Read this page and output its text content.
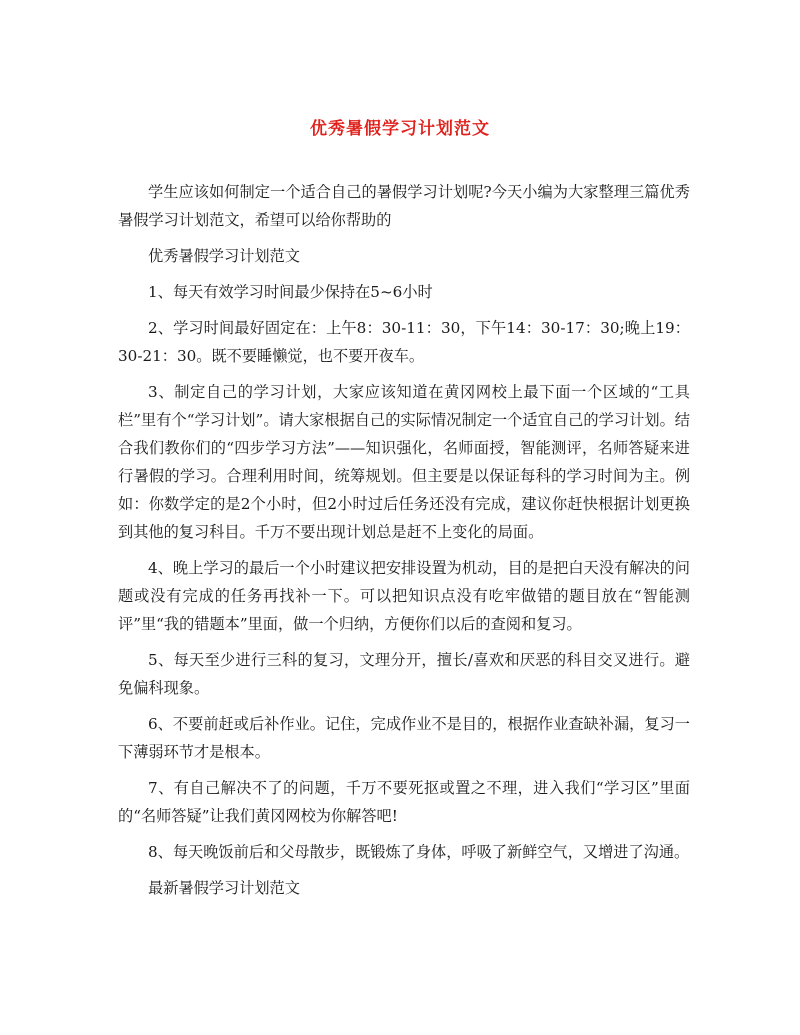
优秀暑假学习计划范文

学生应该如何制定一个适合自己的暑假学习计划呢?今天小编为大家整理三篇优秀暑假学习计划范文，希望可以给你帮助的

优秀暑假学习计划范文

1、每天有效学习时间最少保持在5~6小时

2、学习时间最好固定在：上午8：30-11：30，下午14：30-17：30;晚上19：30-21：30。既不要睡懒觉，也不要开夜车。

3、制定自己的学习计划，大家应该知道在黄冈网校上最下面一个区域的“工具栏”里有个“学习计划”。请大家根据自己的实际情况制定一个适宜自己的学习计划。结合我们教你们的“四步学习方法”——知识强化，名师面授，智能测评，名师答疑来进行暑假的学习。合理利用时间，统筹规划。但主要是以保证每科的学习时间为主。例如：你数学定的是2个小时，但2小时过后任务还没有完成，建议你赶快根据计划更换到其他的复习科目。千万不要出现计划总是赶不上变化的局面。

4、晚上学习的最后一个小时建议把安排设置为机动，目的是把白天没有解决的问题或没有完成的任务再找补一下。可以把知识点没有吃牢做错的题目放在“智能测评”里“我的错题本”里面，做一个归纳，方便你们以后的查阅和复习。

5、每天至少进行三科的复习，文理分开，擅长/喜欢和厌恶的科目交叉进行。避免偏科现象。

6、不要前赶或后补作业。记住，完成作业不是目的，根据作业查缺补漏，复习一下薄弱环节才是根本。

7、有自己解决不了的问题，千万不要死抠或置之不理，进入我们“学习区”里面的“名师答疑”让我们黄冈网校为你解答吧!

8、每天晚饭前后和父母散步，既锻炼了身体，呼吸了新鲜空气，又增进了沟通。

最新暑假学习计划范文
